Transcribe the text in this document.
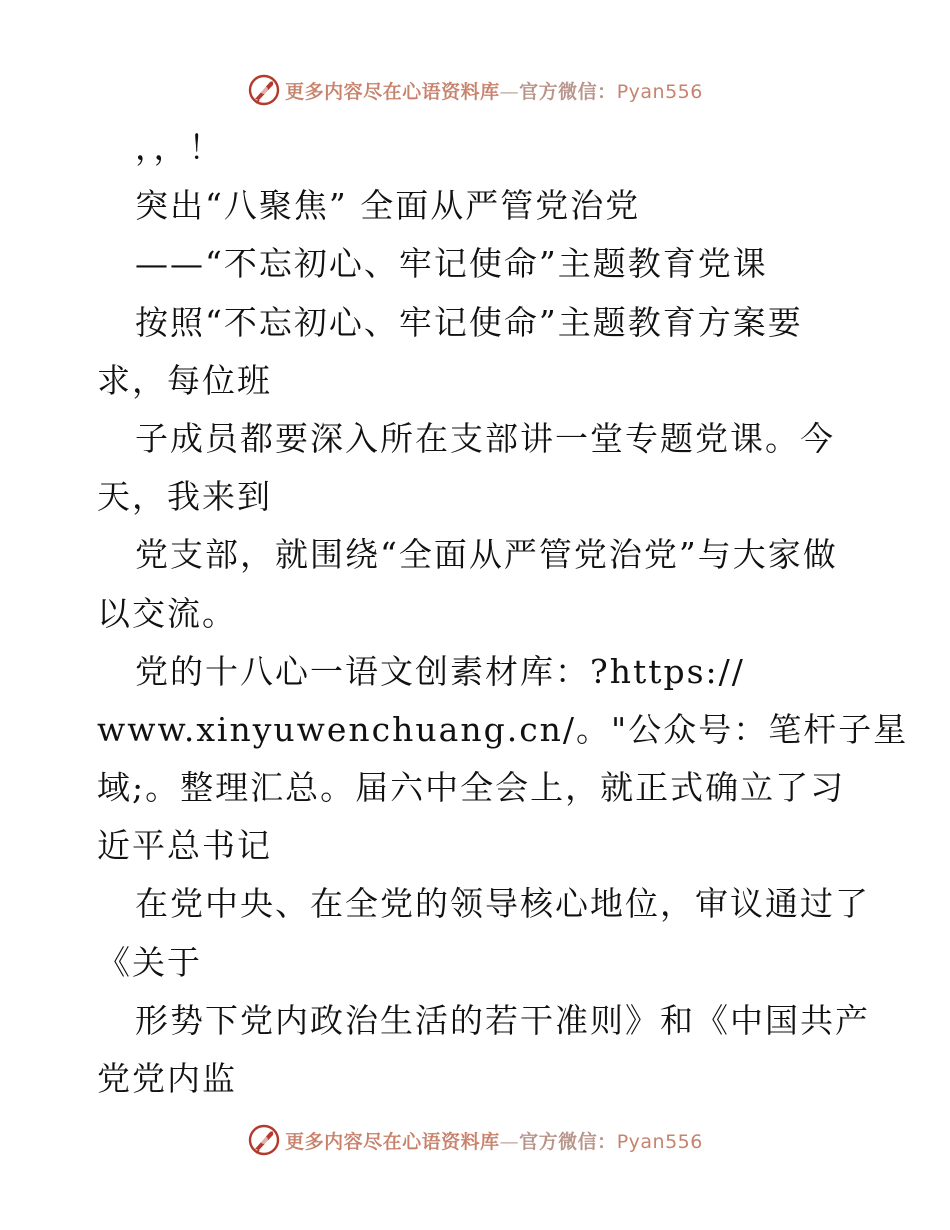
更多内容尽在心语资料库—官方微信：Pyan556
，，！
突出“八聚焦” 全面从严管党治党
——“不忘初心、牢记使命”主题教育党课
按照“不忘初心、牢记使命”主题教育方案要
求，每位班
子成员都要深入所在支部讲一堂专题党课。今
天，我来到
党支部，就围绕“全面从严管党治党”与大家做
以交流。
党的十八心一语文创素材库：?https://
www.xinyuwenchuang.cn/。"公众号：笔杆子星
域;。整理汇总。届六中全会上，就正式确立了习
近平总书记
在党中央、在全党的领导核心地位，审议通过了
《关于
形势下党内政治生活的若干准则》和《中国共产
党党内监
更多内容尽在心语资料库—官方微信：Pyan556
